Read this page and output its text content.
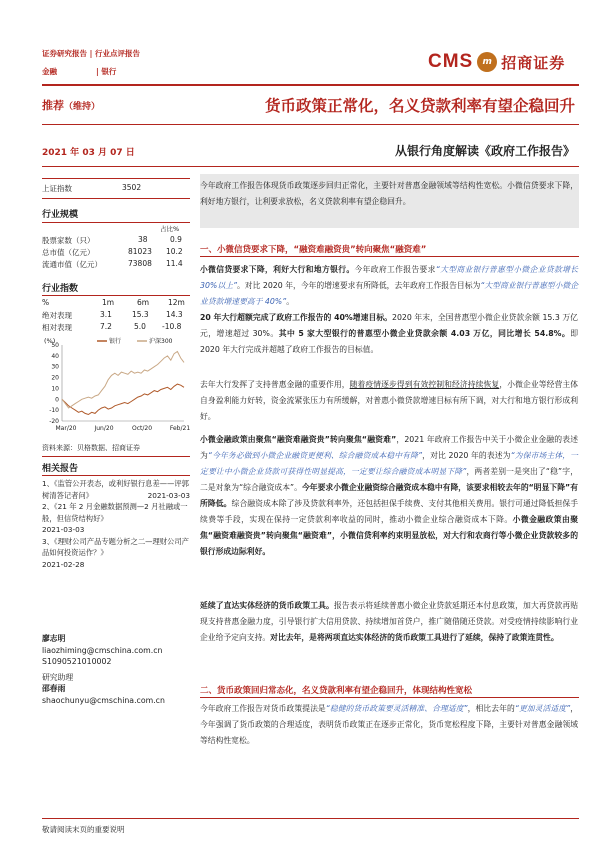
证券研究报告 | 行业点评报告
金融	| 银行	CMS	m 招商证券
推荐（维持）	货币政策正常化，名义贷款利率有望企稳回升
2021 年 03 月 07 日	从银行角度解读《政府工作报告》
上证指数	3502
行业规模
占比%
股票家数（只）	38	0.9
总市值（亿元）	81023 10.2
流通市值（亿元）	73808 11.4
行业指数
%	1m	6m	12m
绝对表现	3.1	15.3 14.3
相对表现	7.2	5.0 -10.8
(%)
-20
-10
0
10
20
30
40
50
Mar/20	Jun/20	Oct/20	Feb/21
银行	沪深300
资料来源：贝格数据、招商证券
相关报告
1、《监管公开表态，或利好银行息差——评郭树清答记者问》	2021-03-03
2、《21 年 2 月金融数据预测—2 月社融或一般，但信贷结构好》
2021-03-03
3、《理财公司产品专题分析之二—理财公司产品如何投资运作？》
2021-02-28
廖志明
liaozhiming@cmschina.com.cn
S1090521010002
研究助理
邵春雨
shaochunyu@cmschina.com.cn
今年政府工作报告体现货币政策逐步回归正常化，主要针对普惠金融领域等结构性宽松。小微信贷要求下降，利好地方银行，让利要求放松，名义贷款利率有望企稳回升。
一、小微信贷要求下降，“融资难融资贵”转向聚焦“融资难”
小微信贷要求下降，利好大行和地方银行。今年政府工作报告要求“大型商业银行普惠型小微企业贷款增长 30%以上”。对比 2020 年，今年的增速要求有所降低，去年政府工作报告目标为“大型商业银行普惠型小微企业贷款增速要高于 40%”。
20 年大行超额完成了政府工作报告的 40%增速目标。2020 年末，全国普惠型小微企业贷款余额 15.3 万亿元，增速超过 30%。其中 5 家大型银行的普惠型小微企业贷款余额 4.03 万亿，同比增长 54.8%。即 2020 年大行完成并超越了政府工作报告的目标值。
去年大行发挥了支持普惠金融的重要作用，随着疫情逐步得到有效控制和经济持续恢复，小微企业等经营主体自身盈利能力好转，资金流紧张压力有所缓解，对普惠小微贷款增速目标有所下调，对大行和地方银行形成利好。
小微金融政策由聚焦“融资难融资贵”转向聚焦“融资难”，2021 年政府工作报告中关于小微企业金融的表述为“今年务必做到小微企业融资更便利、综合融资成本稳中有降”，对比 2020 年的表述为“为保市场主体，一定要让中小微企业贷款可获得性明显提高，一定要让综合融资成本明显下降”，两者差别一是突出了“稳”字，二是对象为“综合融资成本”。今年要求小微企业融资综合融资成本稳中有降，该要求相较去年的“明显下降”有所降低。综合融资成本除了涉及贷款利率外，还包括担保手续费、支付其他相关费用。银行可通过降低担保手续费等手段，实现在保持一定贷款利率收益的同时，推动小微企业综合融资成本下降。小微金融政策由聚焦“融资难融资贵”转向聚焦“融资难”，小微信贷利率约束明显放松，对大行和农商行等小微企业贷款较多的银行形成边际利好。
延续了直达实体经济的货币政策工具。报告表示将延续普惠小微企业贷款延期还本付息政策，加大再贷款再贴现支持普惠金融力度，引导银行扩大信用贷款、持续增加首贷户，推广随借随还贷款。对受疫情持续影响行业企业给予定向支持。对比去年，是将两项直达实体经济的货币政策工具进行了延续，保持了政策连贯性。
二、货币政策回归常态化，名义贷款利率有望企稳回升，体现结构性宽松
今年政府工作报告对货币政策提法是“稳健的货币政策要灵活精准、合理适度”，相比去年的“更加灵活适度”，今年强调了货币政策的合理适度，表明货币政策正在逐步正常化，货币宽松程度下降，主要针对普惠金融领域等结构性宽松。
敬请阅读末页的重要说明
